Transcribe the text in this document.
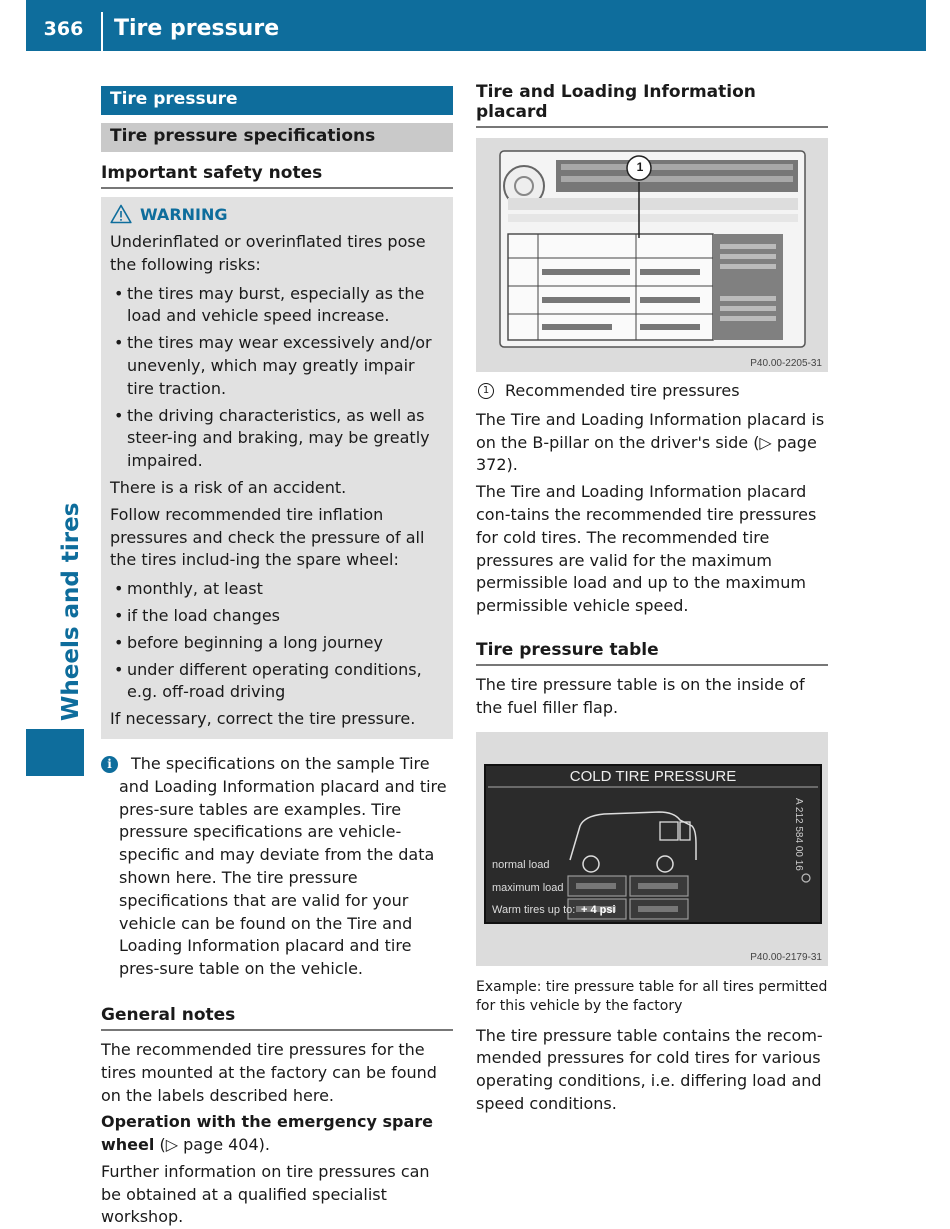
366	Tire pressure
Wheels and tires
Tire pressure
Tire pressure specifications
Important safety notes
WARNING

Underinflated or overinflated tires pose the following risks:

• the tires may burst, especially as the load and vehicle speed increase.
• the tires may wear excessively and/or unevenly, which may greatly impair tire traction.
• the driving characteristics, as well as steer-ing and braking, may be greatly impaired.

There is a risk of an accident.

Follow recommended tire inflation pressures and check the pressure of all the tires includ-ing the spare wheel:

• monthly, at least
• if the load changes
• before beginning a long journey
• under different operating conditions, e.g. off-road driving

If necessary, correct the tire pressure.

i	The specifications on the sample Tire and Loading Information placard and tire pres-sure tables are examples. Tire pressure specifications are vehicle-specific and may deviate from the data shown here. The tire pressure specifications that are valid for your vehicle can be found on the Tire and Loading Information placard and tire pres-sure table on the vehicle.

General notes

The recommended tire pressures for the tires mounted at the factory can be found on the labels described here.

Operation with the emergency spare wheel (▷ page 404).

Further information on tire pressures can be obtained at a qualified specialist workshop.

Tire and Loading Information placard
1
P40.00-2205-31
1 Recommended tire pressures

The Tire and Loading Information placard is on the B-pillar on the driver's side (▷ page 372).

The Tire and Loading Information placard con-tains the recommended tire pressures for cold tires. The recommended tire pressures are valid for the maximum permissible load and up to the maximum permissible vehicle speed.

Tire pressure table

The tire pressure table is on the inside of the fuel filler flap.

COLD TIRE PRESSURE
normal load
maximum load
Warm tires up to: + 4 psi
A 212 584 00 16
P40.00-2179-31

Example: tire pressure table for all tires permitted for this vehicle by the factory

The tire pressure table contains the recom-mended pressures for cold tires for various operating conditions, i.e. differing load and speed conditions.
